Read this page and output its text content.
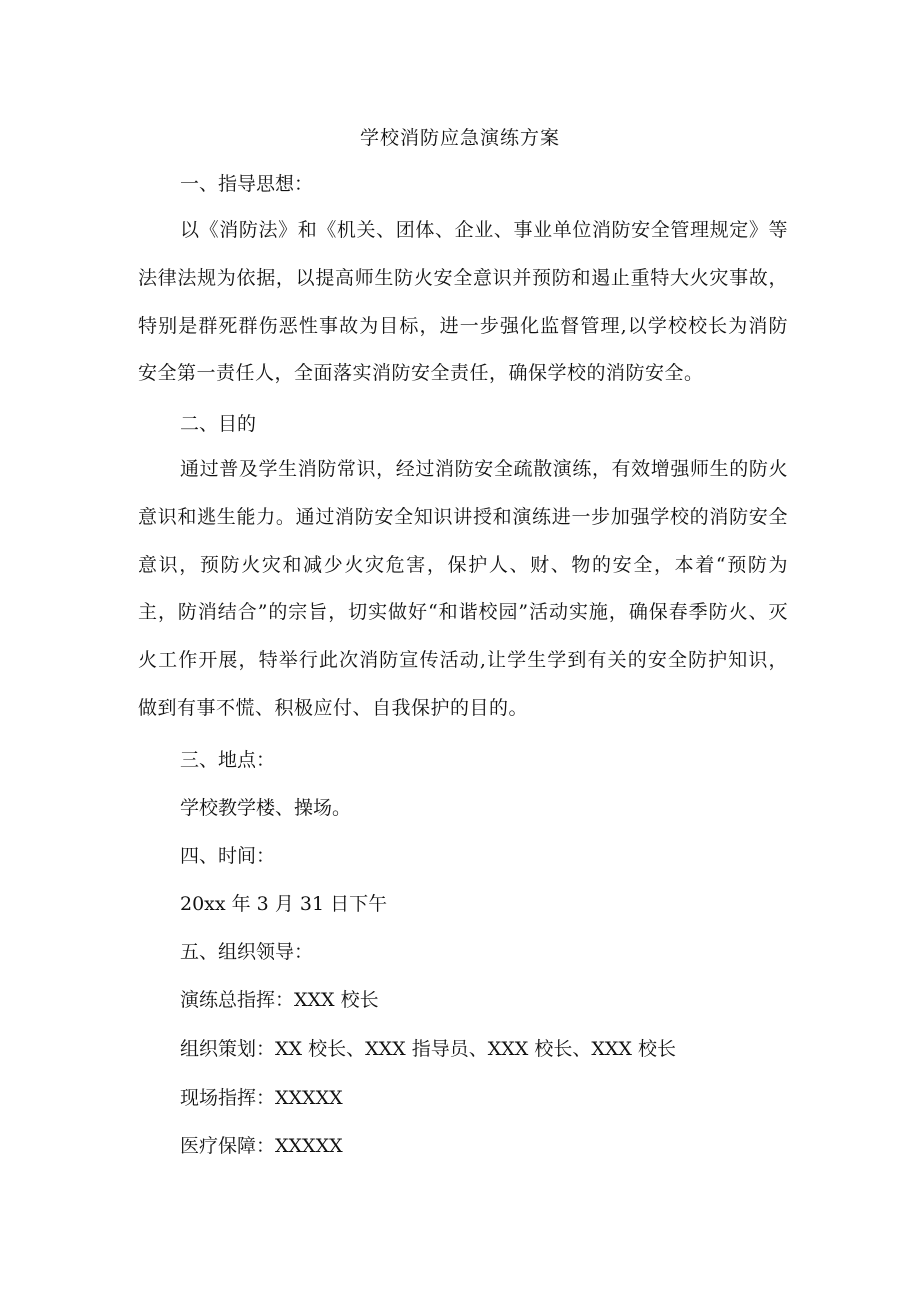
学校消防应急演练方案
一、指导思想：
以《消防法》和《机关、团体、企业、事业单位消防安全管理规定》等法律法规为依据，以提高师生防火安全意识并预防和遏止重特大火灾事故，特别是群死群伤恶性事故为目标，进一步强化监督管理,以学校校长为消防安全第一责任人，全面落实消防安全责任，确保学校的消防安全。
二、目的
通过普及学生消防常识，经过消防安全疏散演练，有效增强师生的防火意识和逃生能力。通过消防安全知识讲授和演练进一步加强学校的消防安全意识，预防火灾和减少火灾危害，保护人、财、物的安全，本着“预防为主，防消结合”的宗旨，切实做好“和谐校园”活动实施，确保春季防火、灭火工作开展，特举行此次消防宣传活动,让学生学到有关的安全防护知识，做到有事不慌、积极应付、自我保护的目的。
三、地点：
学校教学楼、操场。
四、时间：
20xx 年 3 月 31 日下午
五、组织领导：
演练总指挥：XXX 校长
组织策划：XX 校长、XXX 指导员、XXX 校长、XXX 校长
现场指挥：XXXXX
医疗保障：XXXXX
